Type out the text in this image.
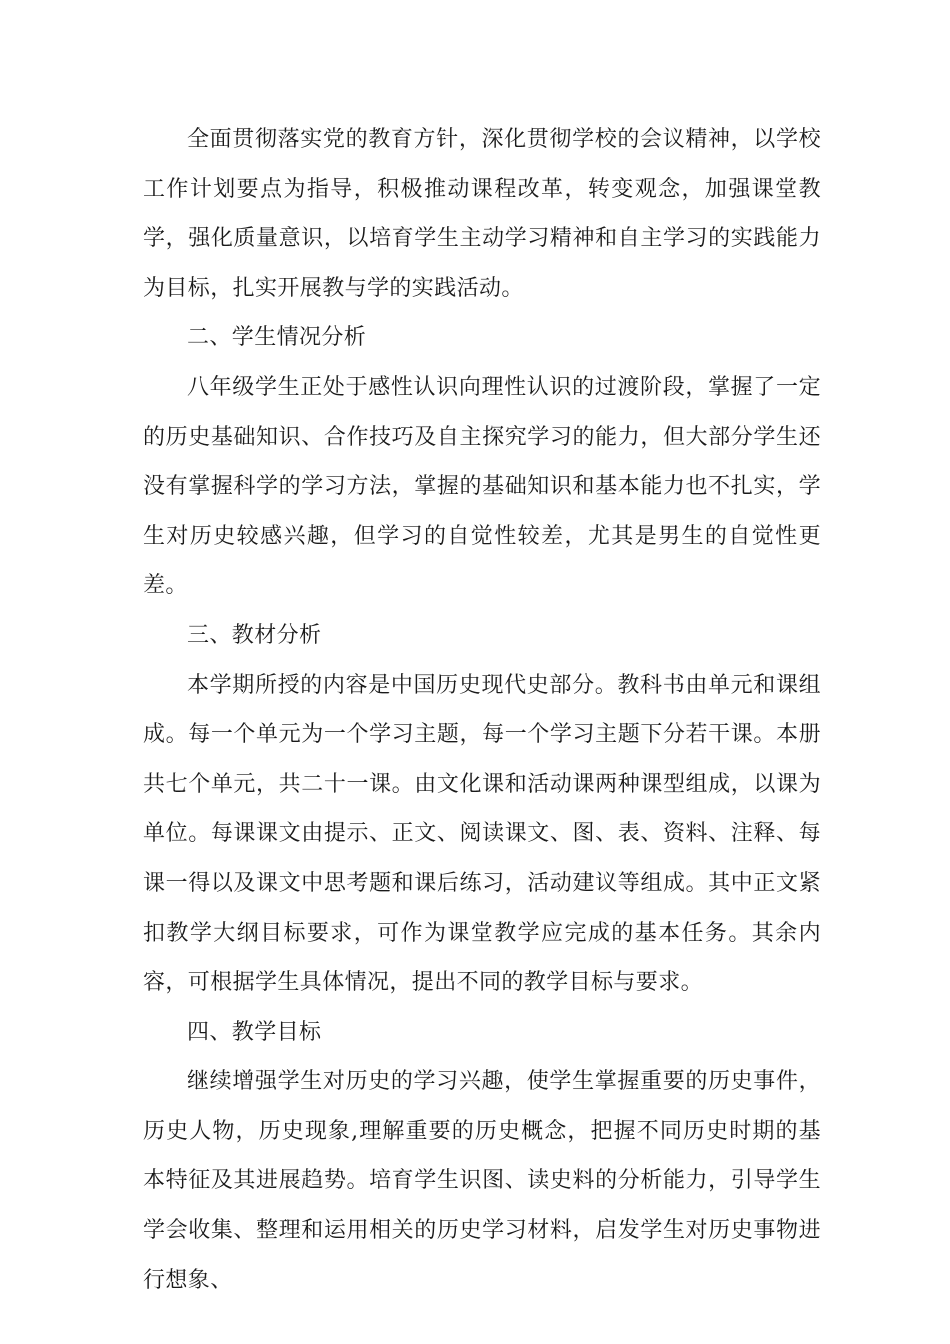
全面贯彻落实党的教育方针，深化贯彻学校的会议精神，以学校工作计划要点为指导，积极推动课程改革，转变观念，加强课堂教学，强化质量意识，以培育学生主动学习精神和自主学习的实践能力为目标，扎实开展教与学的实践活动。

二、学生情况分析

八年级学生正处于感性认识向理性认识的过渡阶段，掌握了一定的历史基础知识、合作技巧及自主探究学习的能力，但大部分学生还没有掌握科学的学习方法，掌握的基础知识和基本能力也不扎实，学生对历史较感兴趣，但学习的自觉性较差，尤其是男生的自觉性更差。

三、教材分析

本学期所授的内容是中国历史现代史部分。教科书由单元和课组成。每一个单元为一个学习主题，每一个学习主题下分若干课。本册共七个单元，共二十一课。由文化课和活动课两种课型组成，以课为单位。每课课文由提示、正文、阅读课文、图、表、资料、注释、每课一得以及课文中思考题和课后练习，活动建议等组成。其中正文紧扣教学大纲目标要求，可作为课堂教学应完成的基本任务。其余内容，可根据学生具体情况，提出不同的教学目标与要求。

四、教学目标

继续增强学生对历史的学习兴趣，使学生掌握重要的历史事件，历史人物，历史现象,理解重要的历史概念，把握不同历史时期的基本特征及其进展趋势。培育学生识图、读史料的分析能力，引导学生学会收集、整理和运用相关的历史学习材料，启发学生对历史事物进行想象、
